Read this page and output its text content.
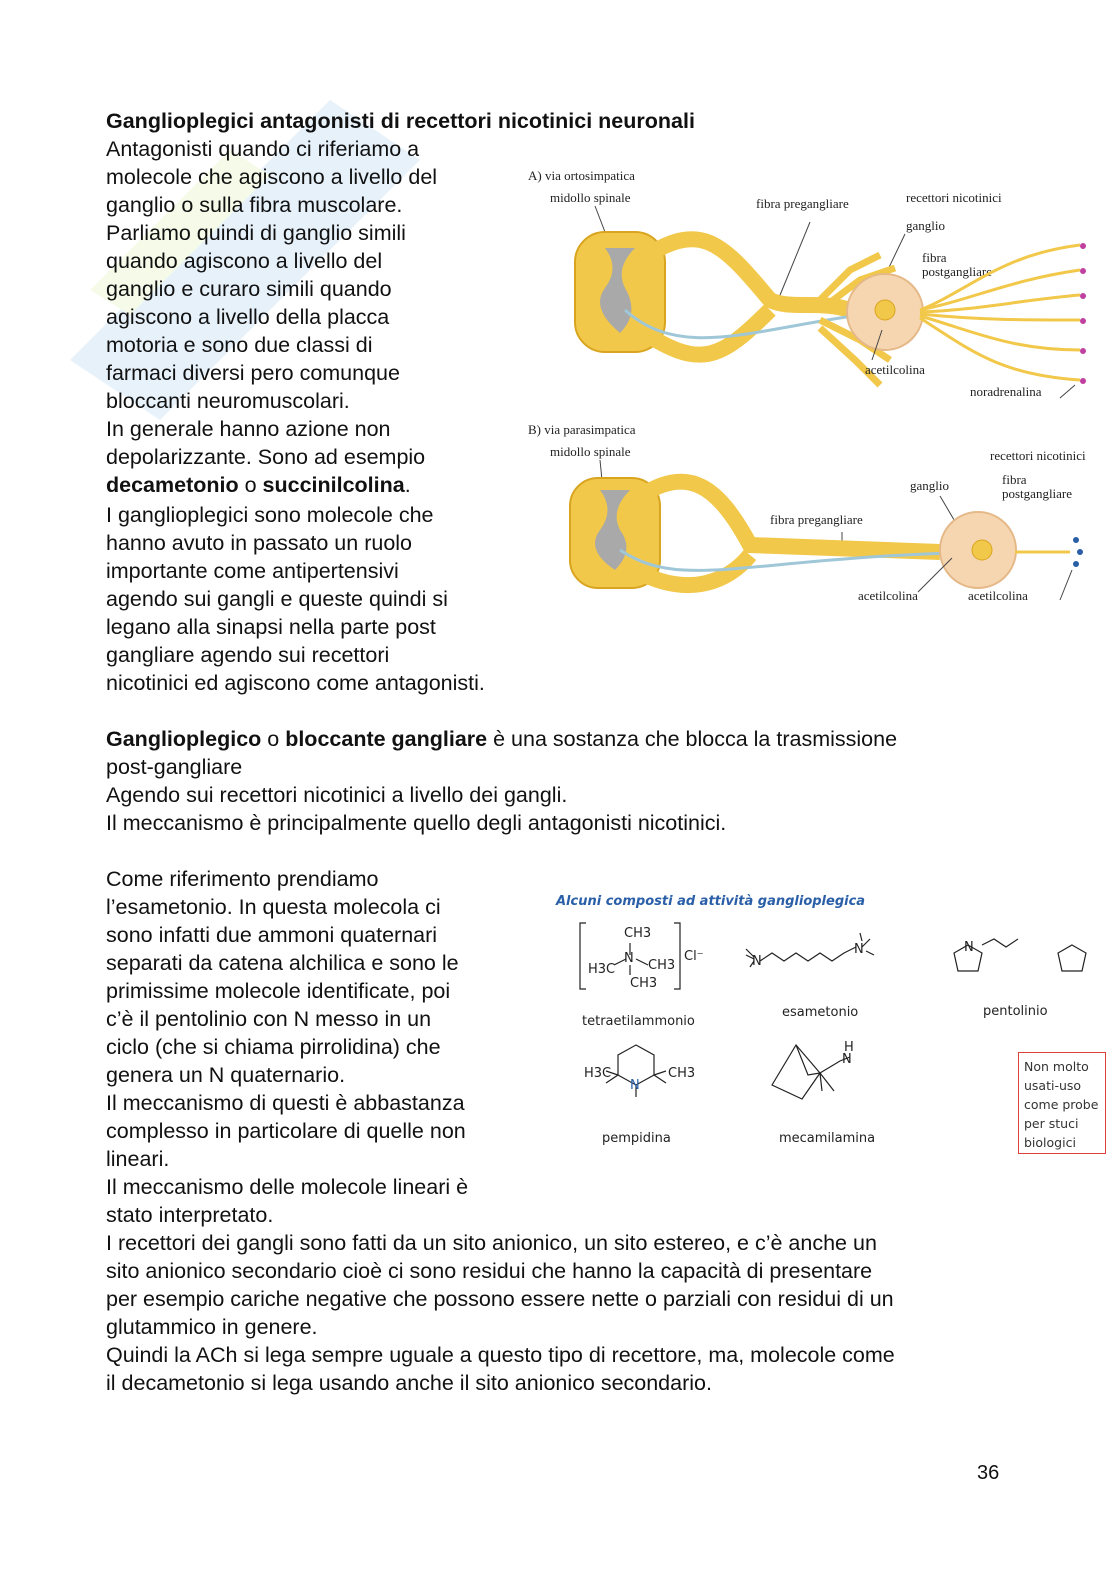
Ganglioplegici antagonisti di recettori nicotinici neuronali

Antagonisti quando ci riferiamo a

molecole che agiscono a livello del

ganglio o sulla fibra muscolare.

Parliamo quindi di ganglio simili

quando agiscono a livello del

ganglio e curaro simili quando

agiscono a livello della placca

motoria e sono due classi di

farmaci diversi pero comunque

bloccanti neuromuscolari.

In generale hanno azione non

depolarizzante. Sono ad esempio

decametonio o succinilcolina.

I ganglioplegici sono molecole che

hanno avuto in passato un ruolo

importante come antipertensivi

agendo sui gangli e queste quindi si

legano alla sinapsi nella parte post

gangliare agendo sui recettori

nicotinici ed agiscono come antagonisti.

A) via ortosimpatica
midollo spinale	fibra pregangliare	recettori nicotinici
ganglio
fibra
postgangliare
acetilcolina
noradrenalina
B) via parasimpatica
midollo spinale	recettori nicotinici
ganglio	fibra
postgangliare
fibra pregangliare
acetilcolina	acetilcolina

Ganglioplegico o bloccante gangliare è una sostanza che blocca la trasmissione

post-gangliare

Agendo sui recettori nicotinici a livello dei gangli.

Il meccanismo è principalmente quello degli antagonisti nicotinici.

Come riferimento prendiamo

l’esametonio. In questa molecola ci

sono infatti due ammoni quaternari

separati da catena alchilica e sono le

primissime molecole identificate, poi

c’è il pentolinio con N messo in un

ciclo (che si chiama pirrolidina) che

genera un N quaternario.

Il meccanismo di questi è abbastanza

complesso in particolare di quelle non

lineari.

Il meccanismo delle molecole lineari è

stato interpretato.

I recettori dei gangli sono fatti da un sito anionico, un sito estereo, e c’è anche un

sito anionico secondario cioè ci sono residui che hanno la capacità di presentare

per esempio cariche negative che possono essere nette o parziali con residui di un

glutammico in genere.

Quindi la ACh si lega sempre uguale a questo tipo di recettore, ma, molecole come

il decametonio si lega usando anche il sito anionico secondario.

Alcuni composti ad attività ganglioplegica
CH3
N
H3C	CH3
CH3
Cl⁻
tetraetilammonio
N
N
esametonio
N
pentolinio
H3C	CH3
N
pempidina
H
N
mecamilamina
Non molto
usati-uso
come probe
per stuci
biologici
36
